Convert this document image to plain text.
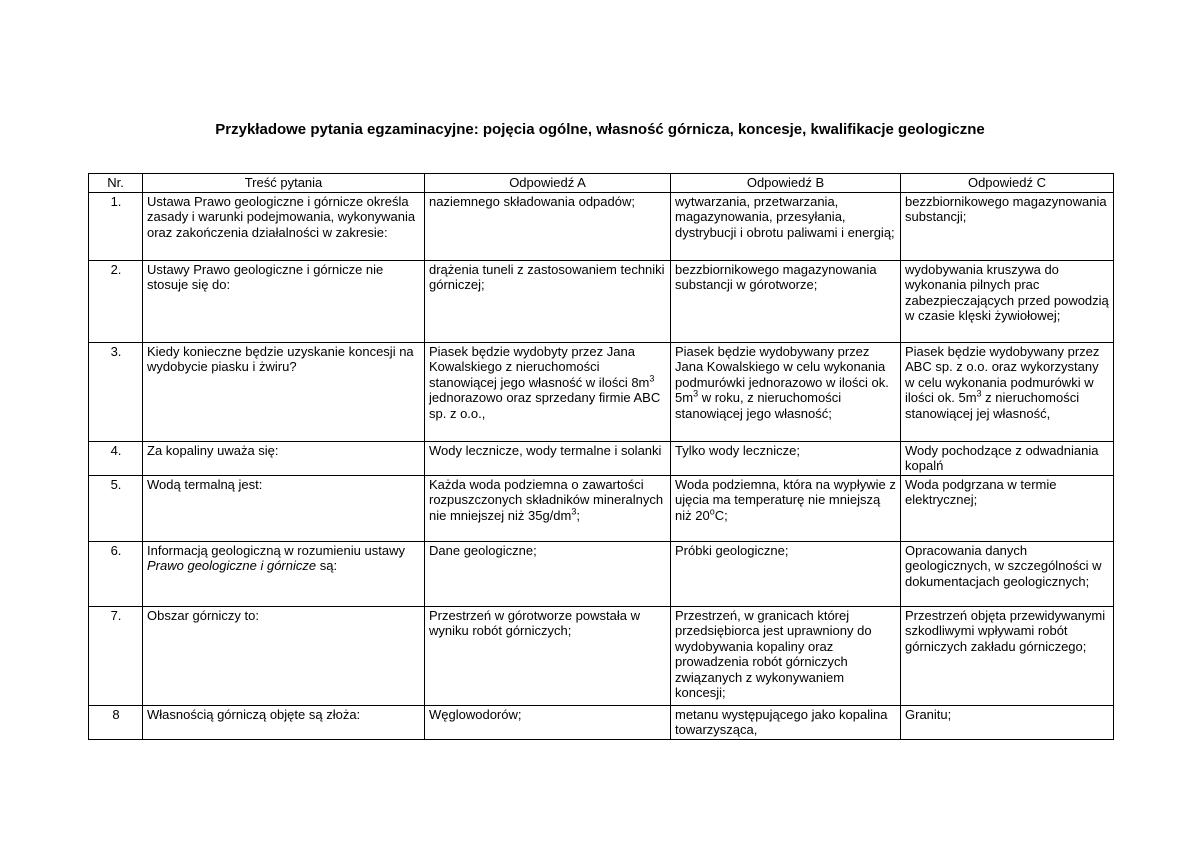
Przykładowe pytania egzaminacyjne: pojęcia ogólne, własność górnicza, koncesje, kwalifikacje geologiczne
Nr.	Treść pytania	Odpowiedź A	Odpowiedź B	Odpowiedź C
1.	Ustawa Prawo geologiczne i górnicze określa zasady i warunki podejmowania, wykonywania oraz zakończenia działalności w zakresie:	naziemnego składowania odpadów;	wytwarzania, przetwarzania, magazynowania, przesyłania, dystrybucji i obrotu paliwami i energią;	bezzbiornikowego magazynowania substancji;
2.	Ustawy Prawo geologiczne i górnicze nie stosuje się do:	drążenia tuneli z zastosowaniem techniki górniczej;	bezzbiornikowego magazynowania substancji w górotworze;	wydobywania kruszywa do wykonania pilnych prac zabezpieczających przed powodzią w czasie klęski żywiołowej;
3.	Kiedy konieczne będzie uzyskanie koncesji na wydobycie piasku i żwiru?	Piasek będzie wydobyty przez Jana Kowalskiego z nieruchomości stanowiącej jego własność w ilości $8m^3$ jednorazowo oraz sprzedany firmie ABC sp. z o.o.,	Piasek będzie wydobywany przez Jana Kowalskiego w celu wykonania podmurówki jednorazowo w ilości ok. $5m^3$ w roku, z nieruchomości stanowiącej jego własność;	Piasek będzie wydobywany przez ABC sp. z o.o. oraz wykorzystany w celu wykonania podmurówki w ilości ok. $5m^3$ z nieruchomości stanowiącej jej własność,
4.	Za kopaliny uważa się:	Wody lecznicze, wody termalne i solanki	Tylko wody lecznicze;	Wody pochodzące z odwadniania kopalń
5.	Wodą termalną jest:	Każda woda podziemna o zawartości rozpuszczonych składników mineralnych nie mniejszej niż $35g/dm^3$;	Woda podziemna, która na wypływie z ujęcia ma temperaturę nie mniejszą niż 20$^o$C;	Woda podgrzana w termie elektrycznej;
6.	Informacją geologiczną w rozumieniu ustawy Prawo geologiczne i górnicze są:	Dane geologiczne;	Próbki geologiczne;	Opracowania danych geologicznych, w szczególności w dokumentacjach geologicznych;
7.	Obszar górniczy to:	Przestrzeń w górotworze powstała w wyniku robót górniczych;	Przestrzeń, w granicach której przedsiębiorca jest uprawniony do wydobywania kopaliny oraz prowadzenia robót górniczych związanych z wykonywaniem koncesji;	Przestrzeń objęta przewidywanymi szkodliwymi wpływami robót górniczych zakładu górniczego;
8	Własnością górniczą objęte są złoża:	Węglowodorów;	metanu występującego jako kopalina towarzysząca,	Granitu;
